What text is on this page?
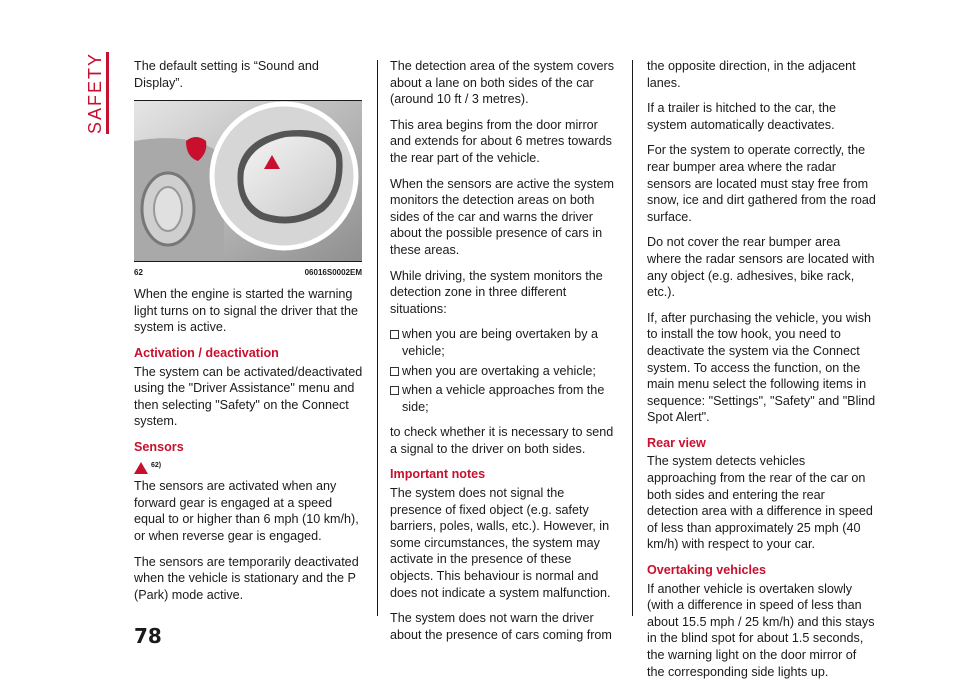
SAFETY The default setting is “Sound and Display”.

62	06016S0002EM

When the engine is started the warning light turns on to signal the driver that the system is active.

Activation / deactivation

The system can be activated/deactivated using the "Driver Assistance" menu and then selecting "Safety" on the Connect system.

Sensors
62)

The sensors are activated when any forward gear is engaged at a speed equal to or higher than 6 mph (10 km/h), or when reverse gear is engaged.

The sensors are temporarily deactivated when the vehicle is stationary and the P (Park) mode active.

The detection area of the system covers about a lane on both sides of the car (around 10 ft / 3 metres).

This area begins from the door mirror and extends for about 6 metres towards the rear part of the vehicle.

When the sensors are active the system monitors the detection areas on both sides of the car and warns the driver about the possible presence of cars in these areas.

While driving, the system monitors the detection zone in three different situations:

when you are being overtaken by a vehicle;
when you are overtaking a vehicle;
when a vehicle approaches from the side;

to check whether it is necessary to send a signal to the driver on both sides.

Important notes

The system does not signal the presence of fixed object (e.g. safety barriers, poles, walls, etc.). However, in some circumstances, the system may activate in the presence of these objects. This behaviour is normal and does not indicate a system malfunction.

The system does not warn the driver about the presence of cars coming from

the opposite direction, in the adjacent lanes.

If a trailer is hitched to the car, the system automatically deactivates.

For the system to operate correctly, the rear bumper area where the radar sensors are located must stay free from snow, ice and dirt gathered from the road surface.

Do not cover the rear bumper area where the radar sensors are located with any object (e.g. adhesives, bike rack, etc.).

If, after purchasing the vehicle, you wish to install the tow hook, you need to deactivate the system via the Connect system. To access the function, on the main menu select the following items in sequence: "Settings", "Safety" and "Blind Spot Alert".

Rear view

The system detects vehicles approaching from the rear of the car on both sides and entering the rear detection area with a difference in speed of less than approximately 25 mph (40 km/h) with respect to your car.

Overtaking vehicles

If another vehicle is overtaken slowly (with a difference in speed of less than about 15.5 mph / 25 km/h) and this stays in the blind spot for about 1.5 seconds, the warning light on the door mirror of the corresponding side lights up.

78
